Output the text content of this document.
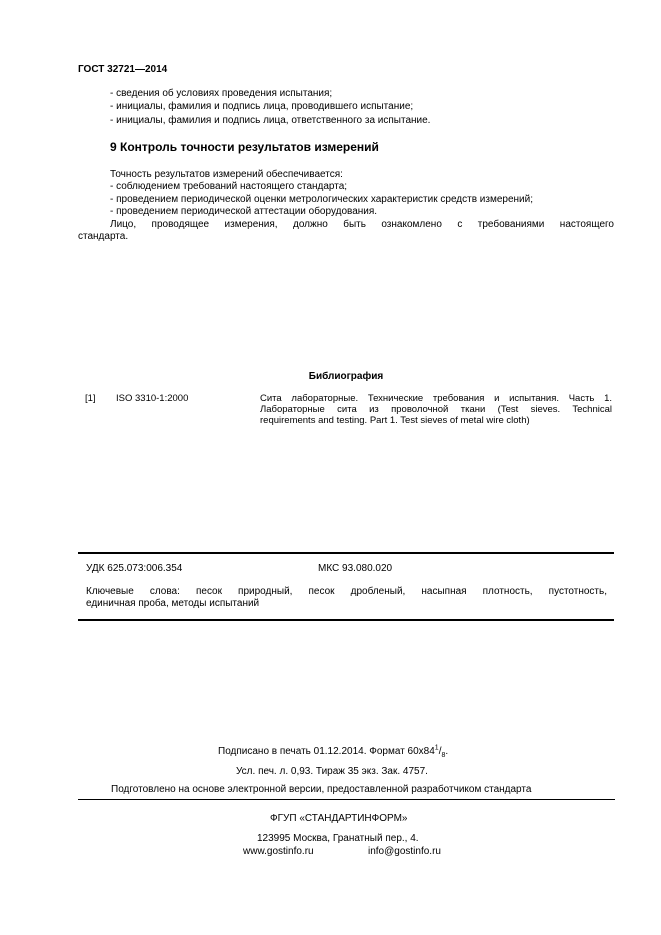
ГОСТ 32721—2014
- сведения об условиях проведения испытания;
- инициалы, фамилия и подпись лица, проводившего испытание;
- инициалы, фамилия и подпись лица, ответственного за испытание.
9 Контроль точности результатов измерений
Точность результатов измерений обеспечивается:
- соблюдением требований настоящего стандарта;
- проведением периодической оценки метрологических характеристик средств измерений;
- проведением периодической аттестации оборудования.
Лицо, проводящее измерения, должно быть ознакомлено с требованиями настоящего
стандарта.
Библиография
[1] ISO 3310-1:2000	Сита лабораторные. Технические требования и испытания. Часть 1.
Лабораторные сита из проволочной ткани (Test sieves. Technical
requirements and testing. Part 1. Test sieves of metal wire cloth)
УДК 625.073:006.354	МКС 93.080.020
Ключевые слова: песок природный, песок дробленый, насыпная плотность, пустотность,
единичная проба, методы испытаний
Подписано в печать 01.12.2014. Формат $60x84^1/_8$.
Усл. печ. л. 0,93. Тираж 35 экз. Зак. 4757.
Подготовлено на основе электронной версии, предоставленной разработчиком стандарта
ФГУП «СТАНДАРТИНФОРМ»
123995 Москва, Гранатный пер., 4.
www.gostinfo.ru	info@gostinfo.ru
